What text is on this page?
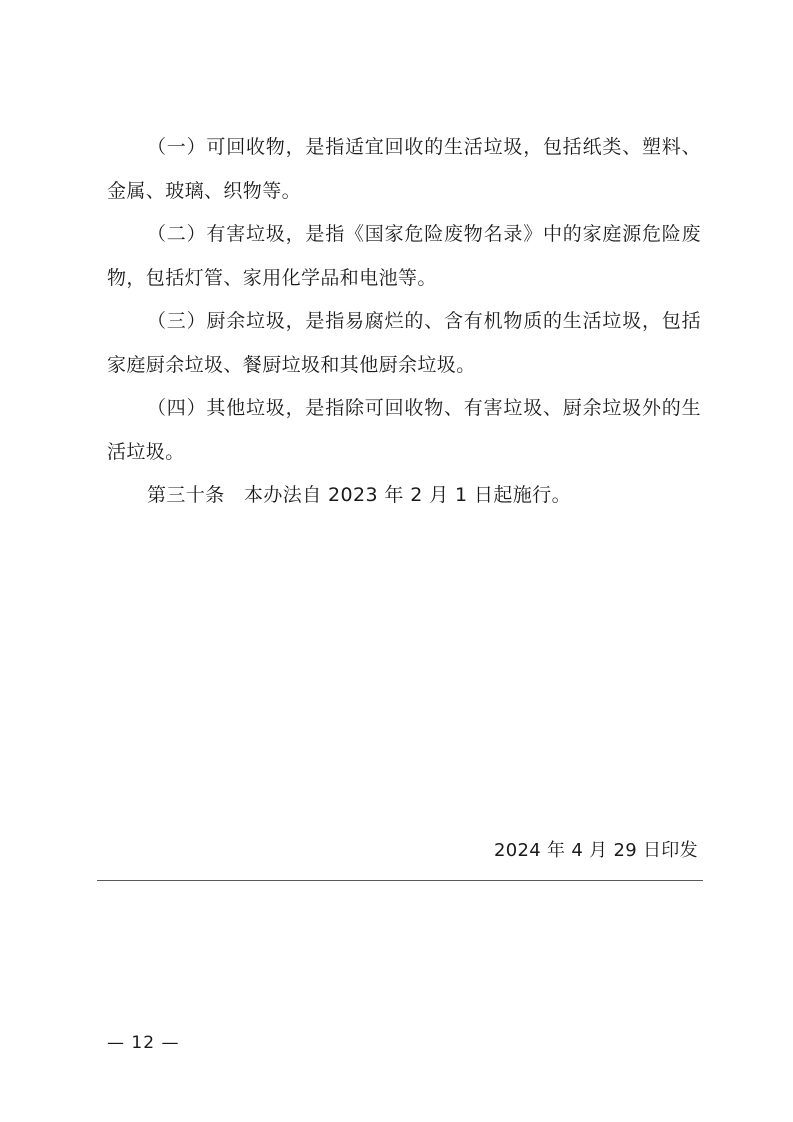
（一）可回收物，是指适宜回收的生活垃圾，包括纸类、塑料、金属、玻璃、织物等。

（二）有害垃圾，是指《国家危险废物名录》中的家庭源危险废物，包括灯管、家用化学品和电池等。

（三）厨余垃圾，是指易腐烂的、含有机物质的生活垃圾，包括家庭厨余垃圾、餐厨垃圾和其他厨余垃圾。

（四）其他垃圾，是指除可回收物、有害垃圾、厨余垃圾外的生活垃圾。

第三十条　本办法自 2023 年 2 月 1 日起施行。

2024 年 4 月 29 日印发
— 12 —
